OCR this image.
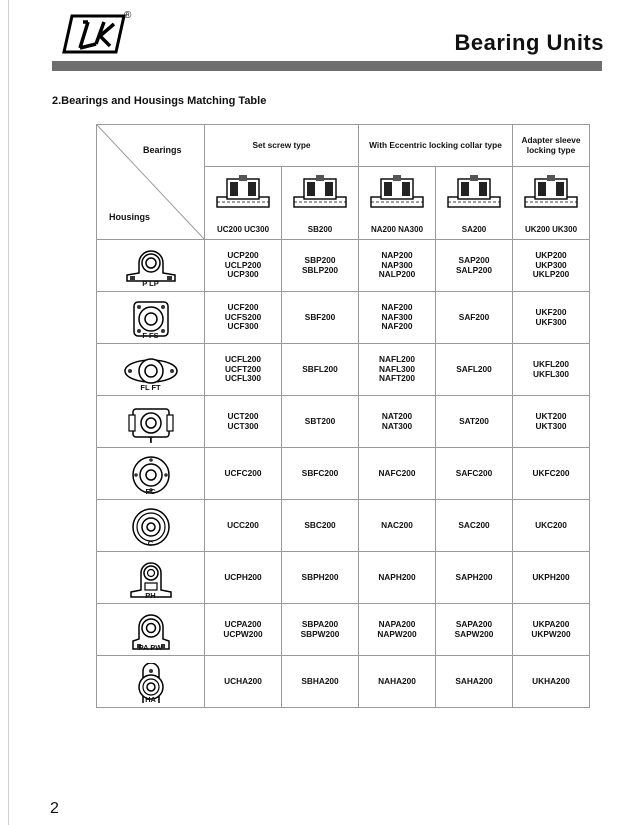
®
Bearing Units
2.Bearings and Housings Matching Table
Bearings
Housings	Set screw type		With Eccentric locking collar type		Adapter sleeve locking type

	UC200 UC300	SB200	NA200 NA300	SA200	UK200 UK300

P LP	UCP200
UCLP200
UCP300	SBP200
SBLP200	NAP200
NAP300
NALP200	SAP200
SALP200	UKP200
UKP300
UKLP200

F FS	UCF200
UCFS200
UCF300	SBF200	NAF200
NAF300
NAF200	SAF200	UKF200
UKF300

FL FT	UCFL200
UCFT200
UCFL300	SBFL200	NAFL200
NAFL300
NAFT200	SAFL200	UKFL200
UKFL300

T	UCT200
UCT300	SBT200	NAT200
NAT300	SAT200	UKT200
UKT300

FC	UCFC200	SBFC200	NAFC200	SAFC200	UKFC200

C	UCC200	SBC200	NAC200	SAC200	UKC200

PH	UCPH200	SBPH200	NAPH200	SAPH200	UKPH200

PA PW	UCPA200
UCPW200	SBPA200
SBPW200	NAPA200
NAPW200	SAPA200
SAPW200	UKPA200
UKPW200

HA	UCHA200	SBHA200	NAHA200	SAHA200	UKHA200
2
